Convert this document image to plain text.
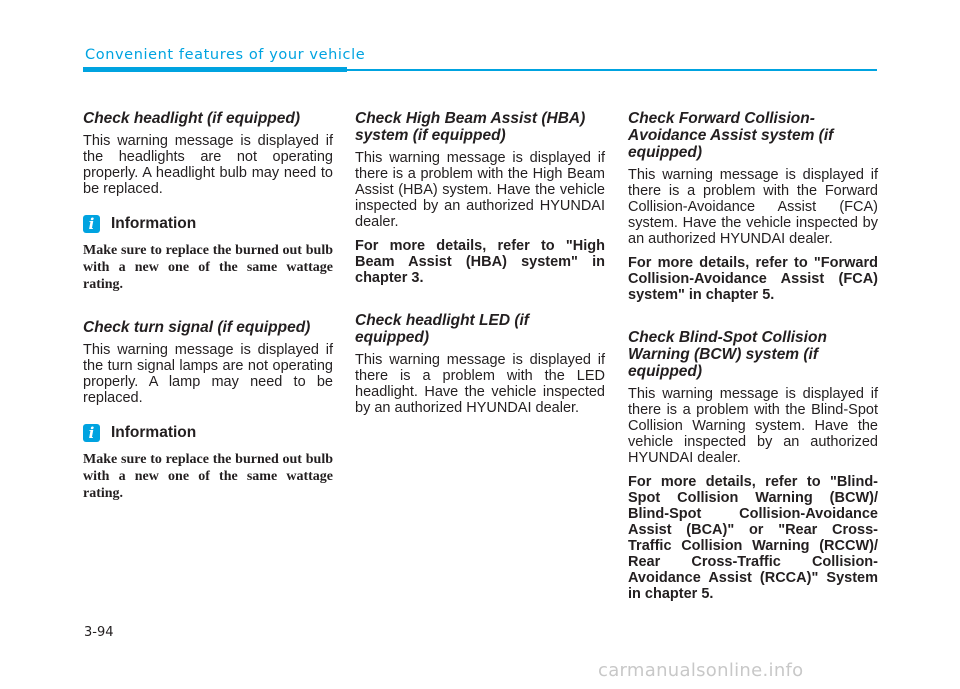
Convenient features of your vehicle
Check headlight (if equipped)

This warning message is displayed if the headlights are not operating properly. A headlight bulb may need to be replaced.

i	Information

Make sure to replace the burned out bulb with a new one of the same wattage rating.

Check turn signal (if equipped)

This warning message is displayed if the turn signal lamps are not operating properly. A lamp may need to be replaced.

i	Information

Make sure to replace the burned out bulb with a new one of the same wattage rating.

Check High Beam Assist (HBA) system (if equipped)

This warning message is displayed if there is a problem with the High Beam Assist (HBA) system. Have the vehicle inspected by an authorized HYUNDAI dealer.

For more details, refer to "High Beam Assist (HBA) system" in chapter 3.

Check headlight LED (if equipped)

This warning message is displayed if there is a problem with the LED headlight. Have the vehicle inspected by an authorized HYUNDAI dealer.

Check Forward Collision-Avoidance Assist system (if equipped)

This warning message is displayed if there is a problem with the Forward Collision-Avoidance Assist (FCA) system. Have the vehicle inspected by an authorized HYUNDAI dealer.

For more details, refer to "Forward Collision-Avoidance Assist (FCA) system" in chapter 5.

Check Blind-Spot Collision Warning (BCW) system (if equipped)

This warning message is displayed if there is a problem with the Blind-Spot Collision Warning system. Have the vehicle inspected by an authorized HYUNDAI dealer.

For more details, refer to "Blind-Spot Collision Warning (BCW)/ Blind-Spot Collision-Avoidance Assist (BCA)" or "Rear Cross-Traffic Collision Warning (RCCW)/ Rear Cross-Traffic Collision-Avoidance Assist (RCCA)" System in chapter 5.

3-94
carmanualsonline.info
